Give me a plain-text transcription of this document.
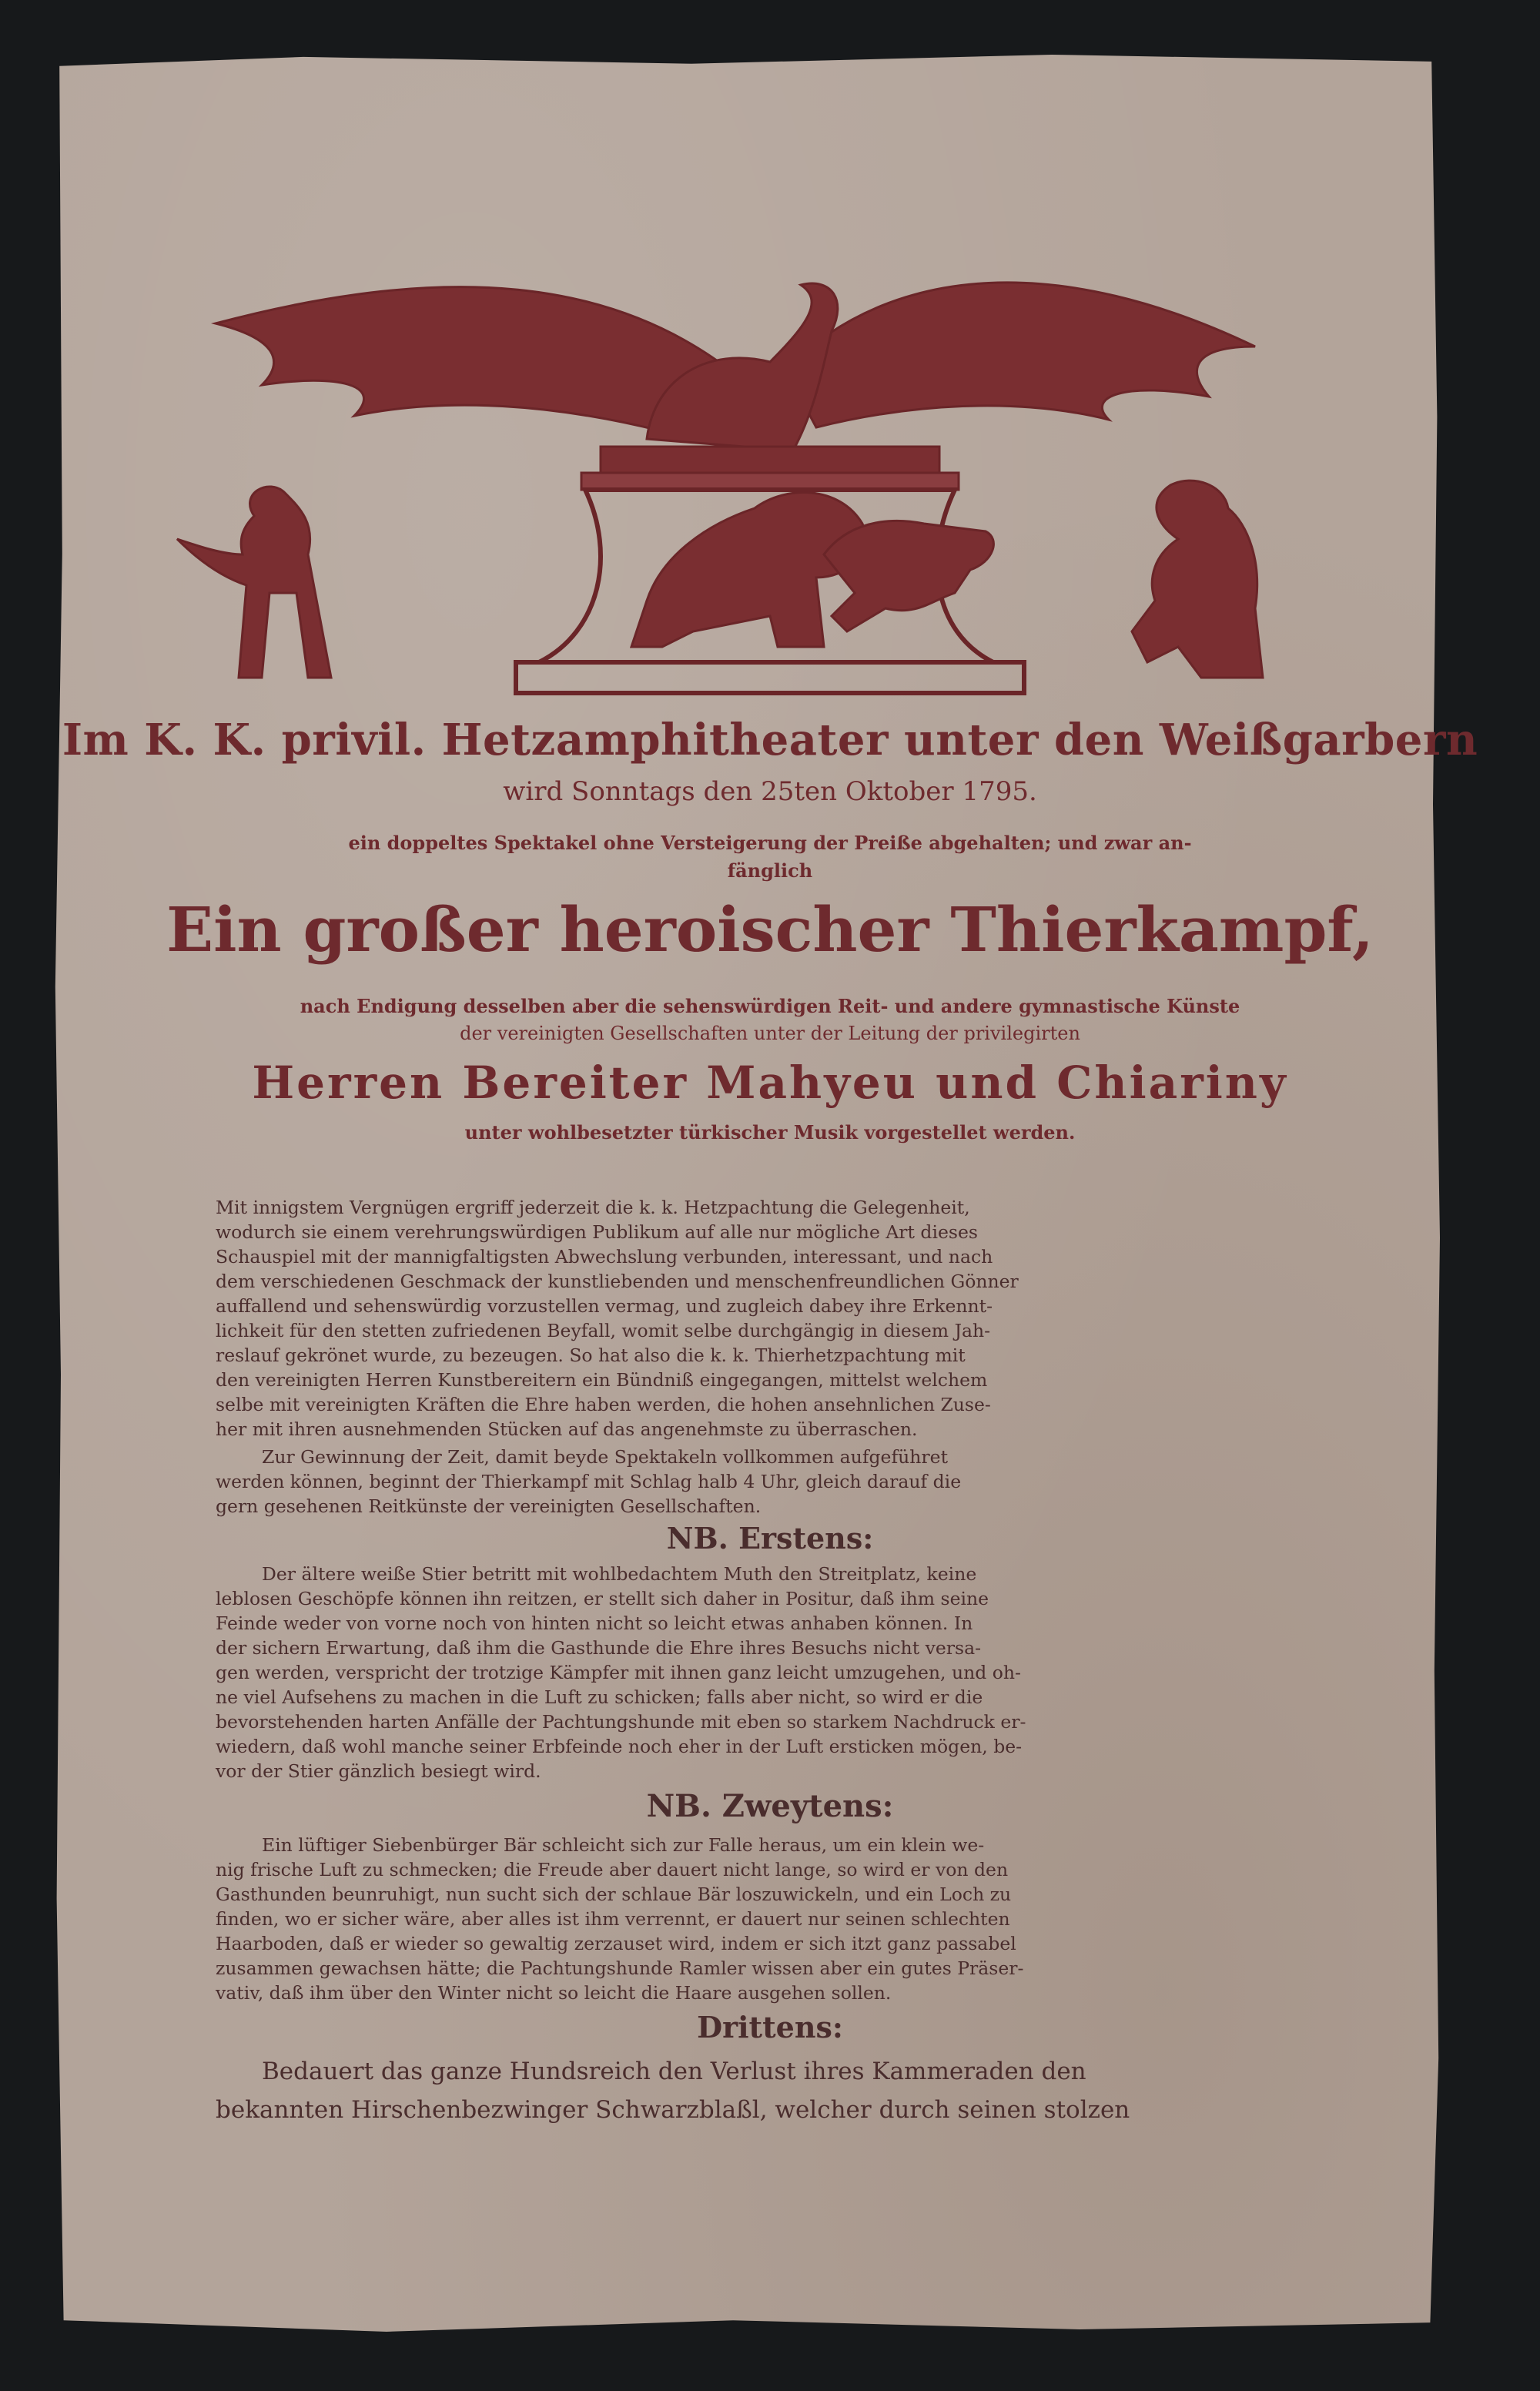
Im K. K. privil. Hetzamphitheater unter den Weißgarbern
wird Sonntags den 25ten Oktober 1795.
ein doppeltes Spektakel ohne Versteigerung der Preiße abgehalten; und zwar an-
fänglich
Ein großer heroischer Thierkampf,
nach Endigung desselben aber die sehenswürdigen Reit- und andere gymnastische Künste
der vereinigten Gesellschaften unter der Leitung der privilegirten
Herren Bereiter Mahyeu und Chiariny
unter wohlbesetzter türkischer Musik vorgestellet werden.
Mit innigstem Vergnügen ergriff jederzeit die k. k. Hetzpachtung die Gelegenheit,
wodurch sie einem verehrungswürdigen Publikum auf alle nur mögliche Art dieses
Schauspiel mit der mannigfaltigsten Abwechslung verbunden, interessant, und nach
dem verschiedenen Geschmack der kunstliebenden und menschenfreundlichen Gönner
auffallend und sehenswürdig vorzustellen vermag, und zugleich dabey ihre Erkennt-
lichkeit für den stetten zufriedenen Beyfall, womit selbe durchgängig in diesem Jah-
reslauf gekrönet wurde, zu bezeugen. So hat also die k. k. Thierhetzpachtung mit
den vereinigten Herren Kunstbereitern ein Bündniß eingegangen, mittelst welchem
selbe mit vereinigten Kräften die Ehre haben werden, die hohen ansehnlichen Zuse-
her mit ihren ausnehmenden Stücken auf das angenehmste zu überraschen.
Zur Gewinnung der Zeit, damit beyde Spektakeln vollkommen aufgeführet
werden können, beginnt der Thierkampf mit Schlag halb 4 Uhr, gleich darauf die
gern gesehenen Reitkünste der vereinigten Gesellschaften.
NB. Erstens:
Der ältere weiße Stier betritt mit wohlbedachtem Muth den Streitplatz, keine
leblosen Geschöpfe können ihn reitzen, er stellt sich daher in Positur, daß ihm seine
Feinde weder von vorne noch von hinten nicht so leicht etwas anhaben können. In
der sichern Erwartung, daß ihm die Gasthunde die Ehre ihres Besuchs nicht versa-
gen werden, verspricht der trotzige Kämpfer mit ihnen ganz leicht umzugehen, und oh-
ne viel Aufsehens zu machen in die Luft zu schicken; falls aber nicht, so wird er die
bevorstehenden harten Anfälle der Pachtungshunde mit eben so starkem Nachdruck er-
wiedern, daß wohl manche seiner Erbfeinde noch eher in der Luft ersticken mögen, be-
vor der Stier gänzlich besiegt wird.
NB. Zweytens:
Ein lüftiger Siebenbürger Bär schleicht sich zur Falle heraus, um ein klein we-
nig frische Luft zu schmecken; die Freude aber dauert nicht lange, so wird er von den
Gasthunden beunruhigt, nun sucht sich der schlaue Bär loszuwickeln, und ein Loch zu
finden, wo er sicher wäre, aber alles ist ihm verrennt, er dauert nur seinen schlechten
Haarboden, daß er wieder so gewaltig zerzauset wird, indem er sich itzt ganz passabel
zusammen gewachsen hätte; die Pachtungshunde Ramler wissen aber ein gutes Präser-
vativ, daß ihm über den Winter nicht so leicht die Haare ausgehen sollen.
Drittens:
Bedauert das ganze Hundsreich den Verlust ihres Kammeraden den
bekannten Hirschenbezwinger Schwarzblaßl, welcher durch seinen stolzen
